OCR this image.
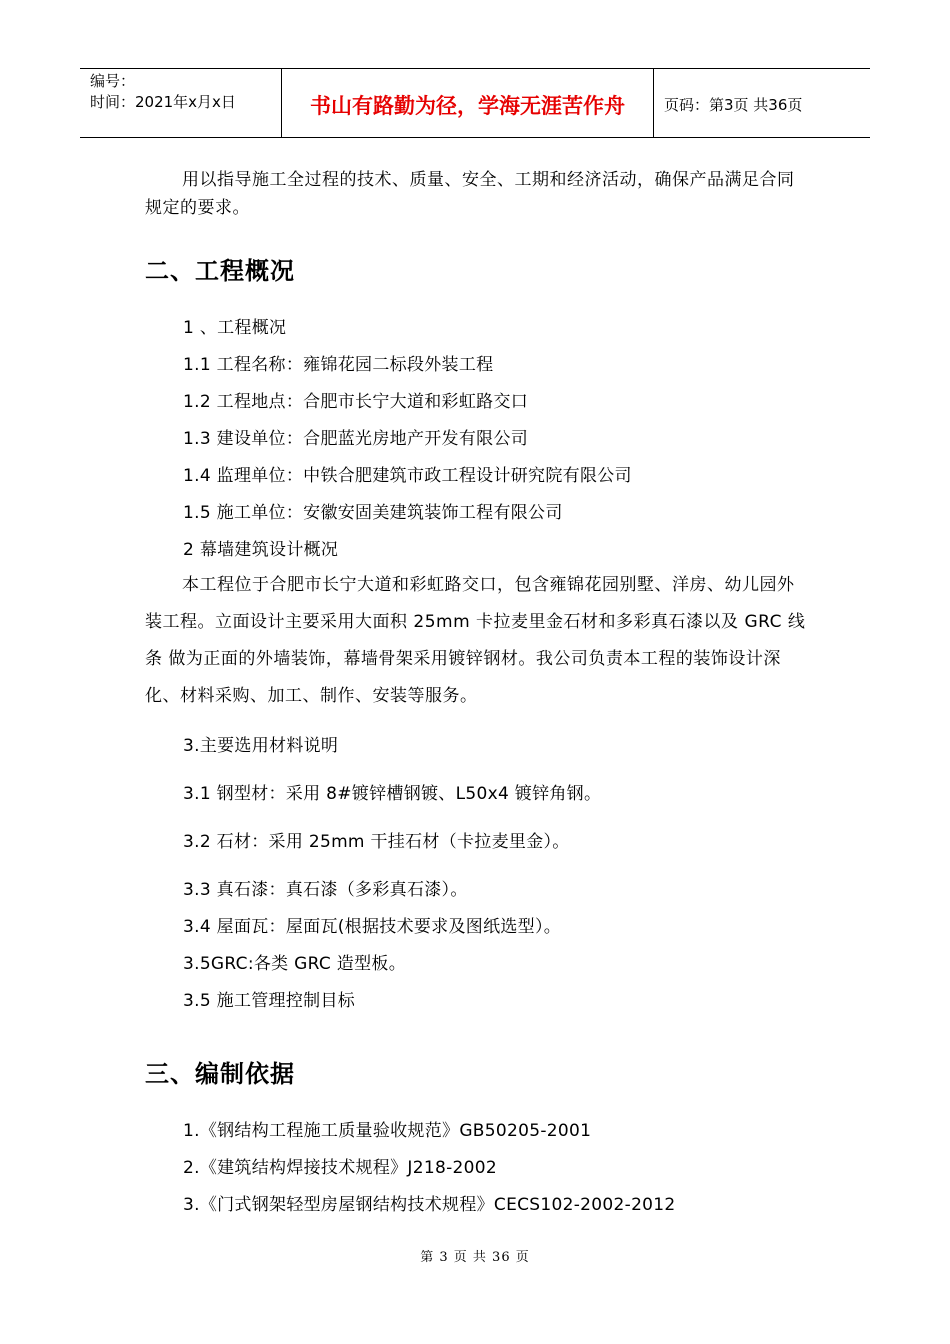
编号：
时间：2021年x月x日	书山有路勤为径，学海无涯苦作舟	页码：第3页 共36页
用以指导施工全过程的技术、质量、安全、工期和经济活动，确保产品满足合同规定的要求。
二、工程概况
1 、工程概况
1.1 工程名称：雍锦花园二标段外装工程
1.2 工程地点：合肥市长宁大道和彩虹路交口
1.3 建设单位：合肥蓝光房地产开发有限公司
1.4 监理单位：中铁合肥建筑市政工程设计研究院有限公司
1.5 施工单位：安徽安固美建筑装饰工程有限公司
2 幕墙建筑设计概况
本工程位于合肥市长宁大道和彩虹路交口，包含雍锦花园别墅、洋房、幼儿园外装工程。立面设计主要采用大面积 25mm 卡拉麦里金石材和多彩真石漆以及 GRC 线条 做为正面的外墙装饰，幕墙骨架采用镀锌钢材。我公司负责本工程的装饰设计深化、材料采购、加工、制作、安装等服务。
3.主要选用材料说明
3.1 钢型材：采用 8#镀锌槽钢镀、L50x4 镀锌角钢。
3.2 石材：采用 25mm 干挂石材（卡拉麦里金）。
3.3 真石漆：真石漆（多彩真石漆）。
3.4 屋面瓦：屋面瓦(根据技术要求及图纸选型）。
3.5GRC:各类 GRC 造型板。
3.5 施工管理控制目标
三、编制依据
1.《钢结构工程施工质量验收规范》GB50205-2001
2.《建筑结构焊接技术规程》J218-2002
3.《门式钢架轻型房屋钢结构技术规程》CECS102-2002-2012
第 3 页 共 36 页
